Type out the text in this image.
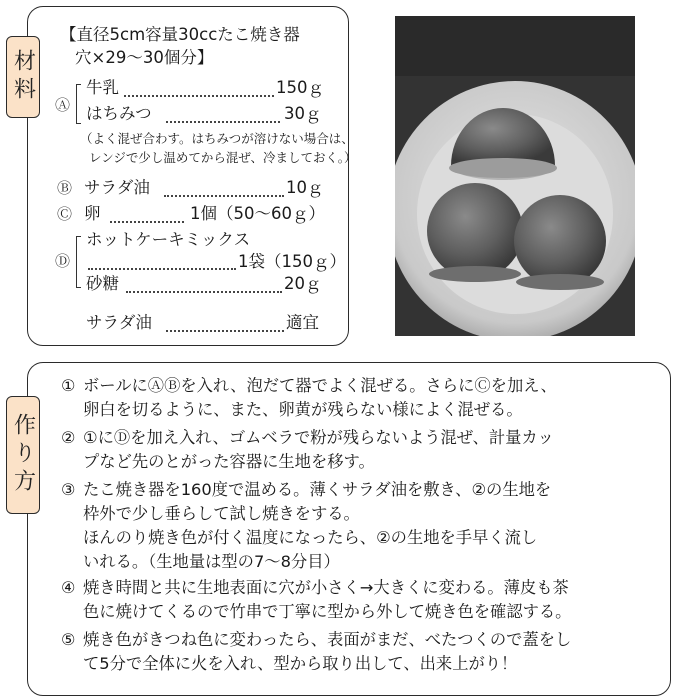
材料
【直径5cm容量30ccたこ焼き器
穴×29〜30個分】
Ⓐ
牛乳	150ｇ
はちみつ	30ｇ
（よく混ぜ合わす。はちみつが溶けない場合は、
レンジで少し温めてから混ぜ、冷ましておく。）
Ⓑ サラダ油	10ｇ
Ⓒ 卵	1個（50〜60ｇ）
Ⓓ
ホットケーキミックス
1袋（150ｇ）
砂糖	20ｇ
サラダ油	適宜
作り方
① ボールにⒶⒷを入れ、泡だて器でよく混ぜる。さらにⒸを加え、
卵白を切るように、また、卵黄が残らない様によく混ぜる。
② ①にⒹを加え入れ、ゴムベラで粉が残らないよう混ぜ、計量カッ
プなど先のとがった容器に生地を移す。
③ たこ焼き器を160度で温める。薄くサラダ油を敷き、②の生地を
枠外で少し垂らして試し焼きをする。
ほんのり焼き色が付く温度になったら、②の生地を手早く流し
いれる。（生地量は型の7〜8分目）
④ 焼き時間と共に生地表面に穴が小さく→大きくに変わる。薄皮も茶
色に焼けてくるので竹串で丁寧に型から外して焼き色を確認する。
⑤ 焼き色がきつね色に変わったら、表面がまだ、べたつくので蓋をし
て5分で全体に火を入れ、型から取り出して、出来上がり！
